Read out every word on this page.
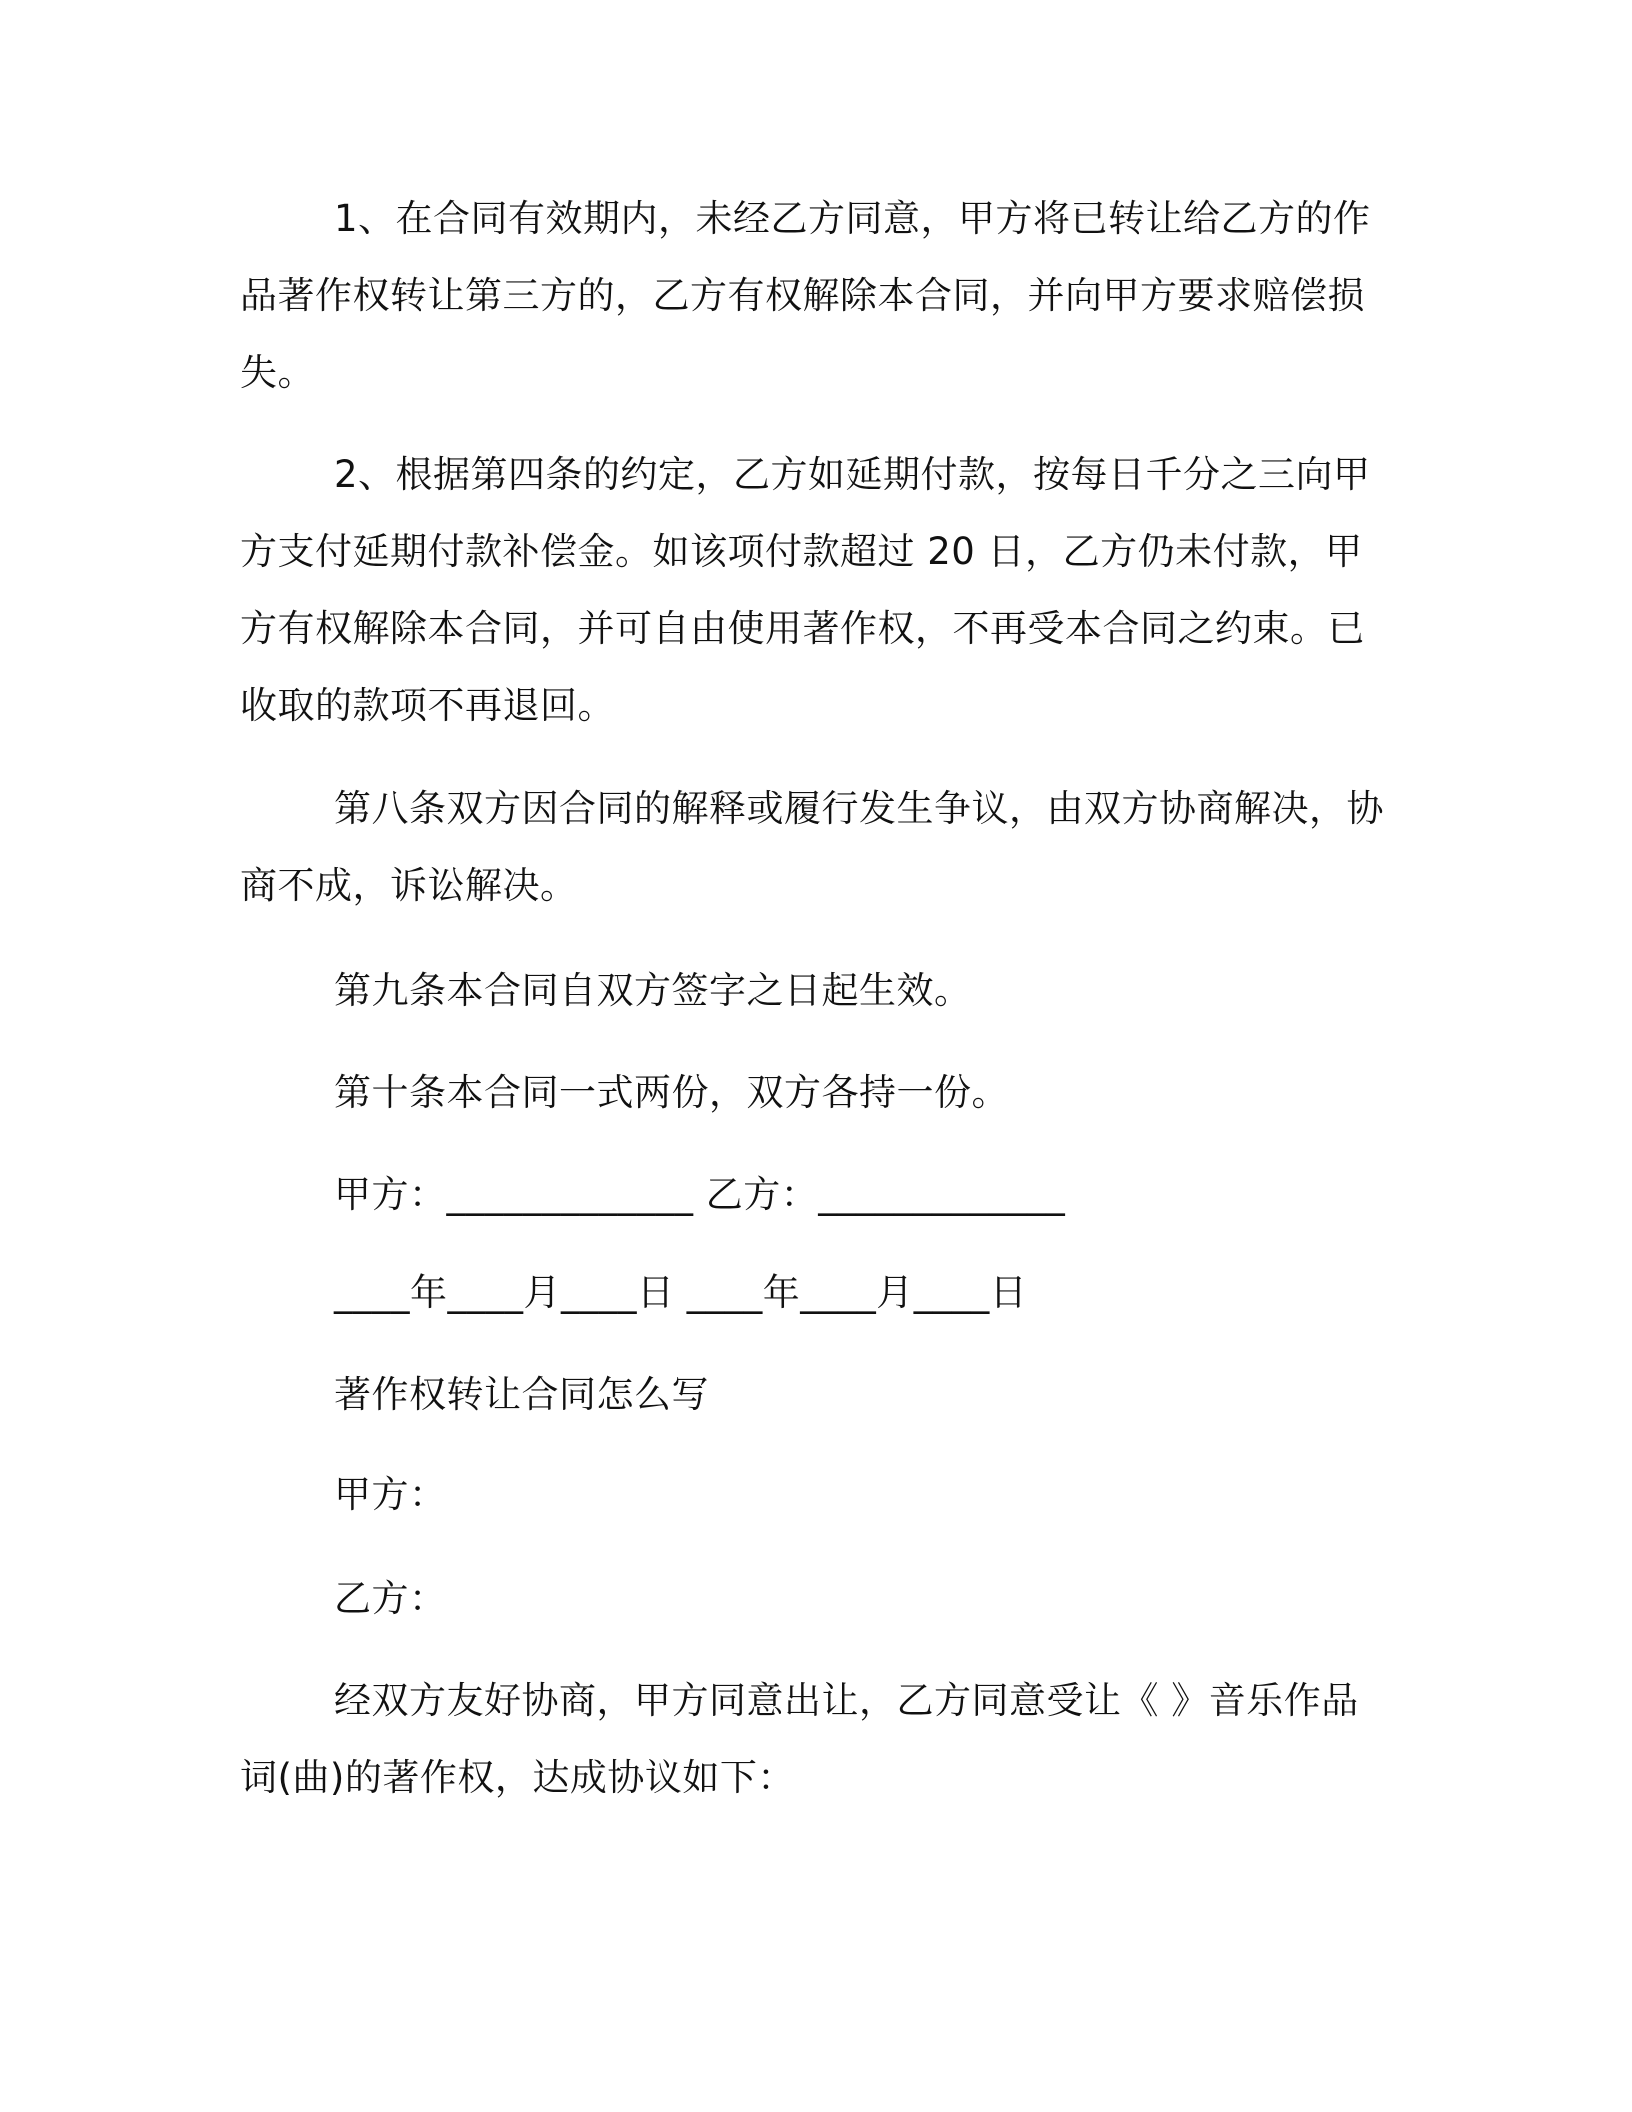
1、在合同有效期内，未经乙方同意，甲方将已转让给乙方的作品著作权转让第三方的，乙方有权解除本合同，并向甲方要求赔偿损失。

2、根据第四条的约定，乙方如延期付款，按每日千分之三向甲方支付延期付款补偿金。如该项付款超过 20 日，乙方仍未付款，甲方有权解除本合同，并可自由使用著作权，不再受本合同之约束。已收取的款项不再退回。

第八条双方因合同的解释或履行发生争议，由双方协商解决，协商不成，诉讼解决。

第九条本合同自双方签字之日起生效。

第十条本合同一式两份，双方各持一份。

甲方：_____________ 乙方：_____________

____年____月____日 ____年____月____日

著作权转让合同怎么写

甲方：

乙方：

经双方友好协商，甲方同意出让，乙方同意受让《 》音乐作品词(曲)的著作权，达成协议如下：
